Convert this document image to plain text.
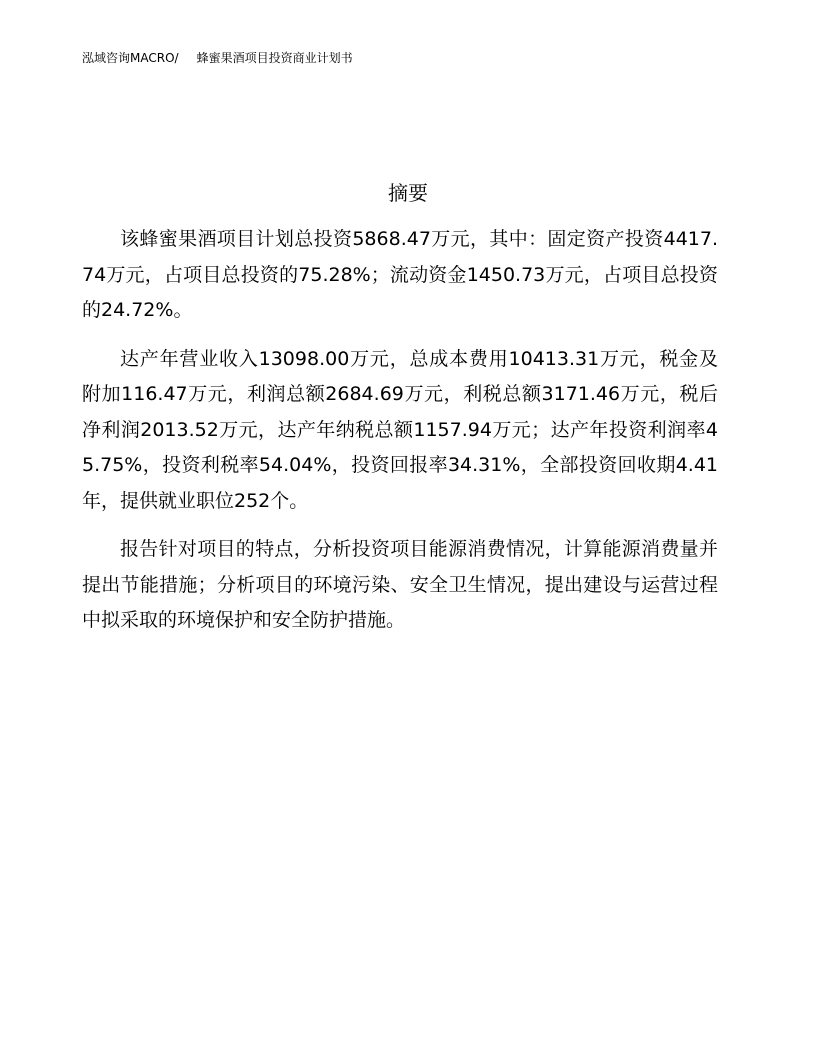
泓域咨询MACRO/ 蜂蜜果酒项目投资商业计划书
摘要

该蜂蜜果酒项目计划总投资5868.47万元，其中：固定资产投资4417.74万元，占项目总投资的75.28%；流动资金1450.73万元，占项目总投资的24.72%。

达产年营业收入13098.00万元，总成本费用10413.31万元，税金及附加116.47万元，利润总额2684.69万元，利税总额3171.46万元，税后净利润2013.52万元，达产年纳税总额1157.94万元；达产年投资利润率45.75%，投资利税率54.04%，投资回报率34.31%，全部投资回收期4.41年，提供就业职位252个。

报告针对项目的特点，分析投资项目能源消费情况，计算能源消费量并提出节能措施；分析项目的环境污染、安全卫生情况，提出建设与运营过程中拟采取的环境保护和安全防护措施。
